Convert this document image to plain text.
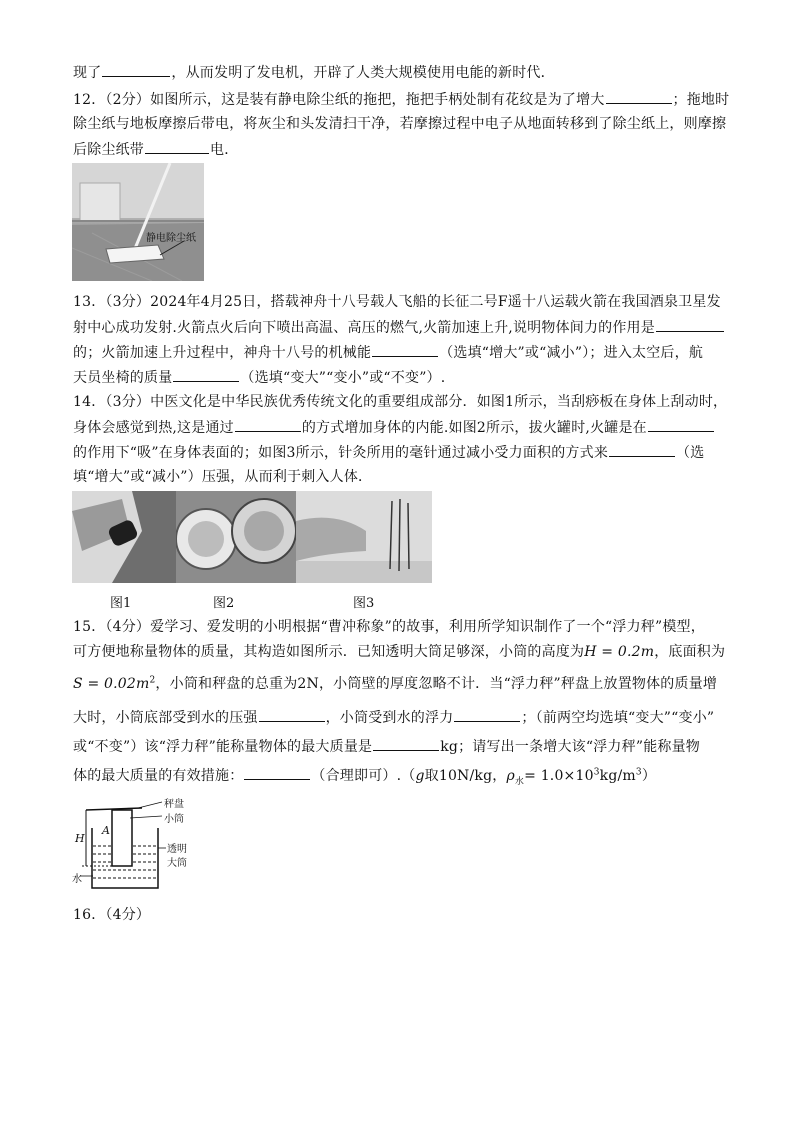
现了	，从而发明了发电机，开辟了人类大规模使用电能的新时代．
12．（2分）如图所示，这是装有静电除尘纸的拖把，拖把手柄处制有花纹是为了增大	；拖地时
除尘纸与地板摩擦后带电，将灰尘和头发清扫干净，若摩擦过程中电子从地面转移到了除尘纸上，则摩擦
后除尘纸带	电．
静电除尘纸
13．（3分）2024年4月25日，搭载神舟十八号载人飞船的长征二号F遥十八运载火箭在我国酒泉卫星发
射中心成功发射.火箭点火后向下喷出高温、高压的燃气,火箭加速上升,说明物体间力的作用是
的；火箭加速上升过程中，神舟十八号的机械能	（选填“增大”或“减小”）；进入太空后，航
天员坐椅的质量	（选填“变大”“变小”或“不变”）.
14．（3分）中医文化是中华民族优秀传统文化的重要组成部分．如图1所示，当刮痧板在身体上刮动时，
身体会感觉到热,这是通过	的方式增加身体的内能.如图2所示，拔火罐时,火罐是在
的作用下“吸”在身体表面的；如图3所示，针灸所用的毫针通过减小受力面积的方式来	（选
填“增大”或“减小”）压强，从而利于刺入人体．
图1	图2	图3
15．（4分）爱学习、爱发明的小明根据“曹冲称象”的故事，利用所学知识制作了一个“浮力秤”模型，
可方便地称量物体的质量，其构造如图所示．已知透明大筒足够深，小筒的高度为H = 0.2m，底面积为
$S = 0.02m^2$，小筒和秤盘的总重为2N，小筒壁的厚度忽略不计．当“浮力秤”秤盘上放置物体的质量增
大时，小筒底部受到水的压强	，小筒受到水的浮力	；（前两空均选填“变大”“变小”
或“不变”）该“浮力秤”能称量物体的最大质量是	kg；请写出一条增大该“浮力秤”能称量物
体的最大质量的有效措施：	（合理即可）.（g取10N/kg，$\rho_水= 1.0\times 10^3kg/m^3$）
秤盘
小筒
透明
大筒
H
A
水
16．（4分）
